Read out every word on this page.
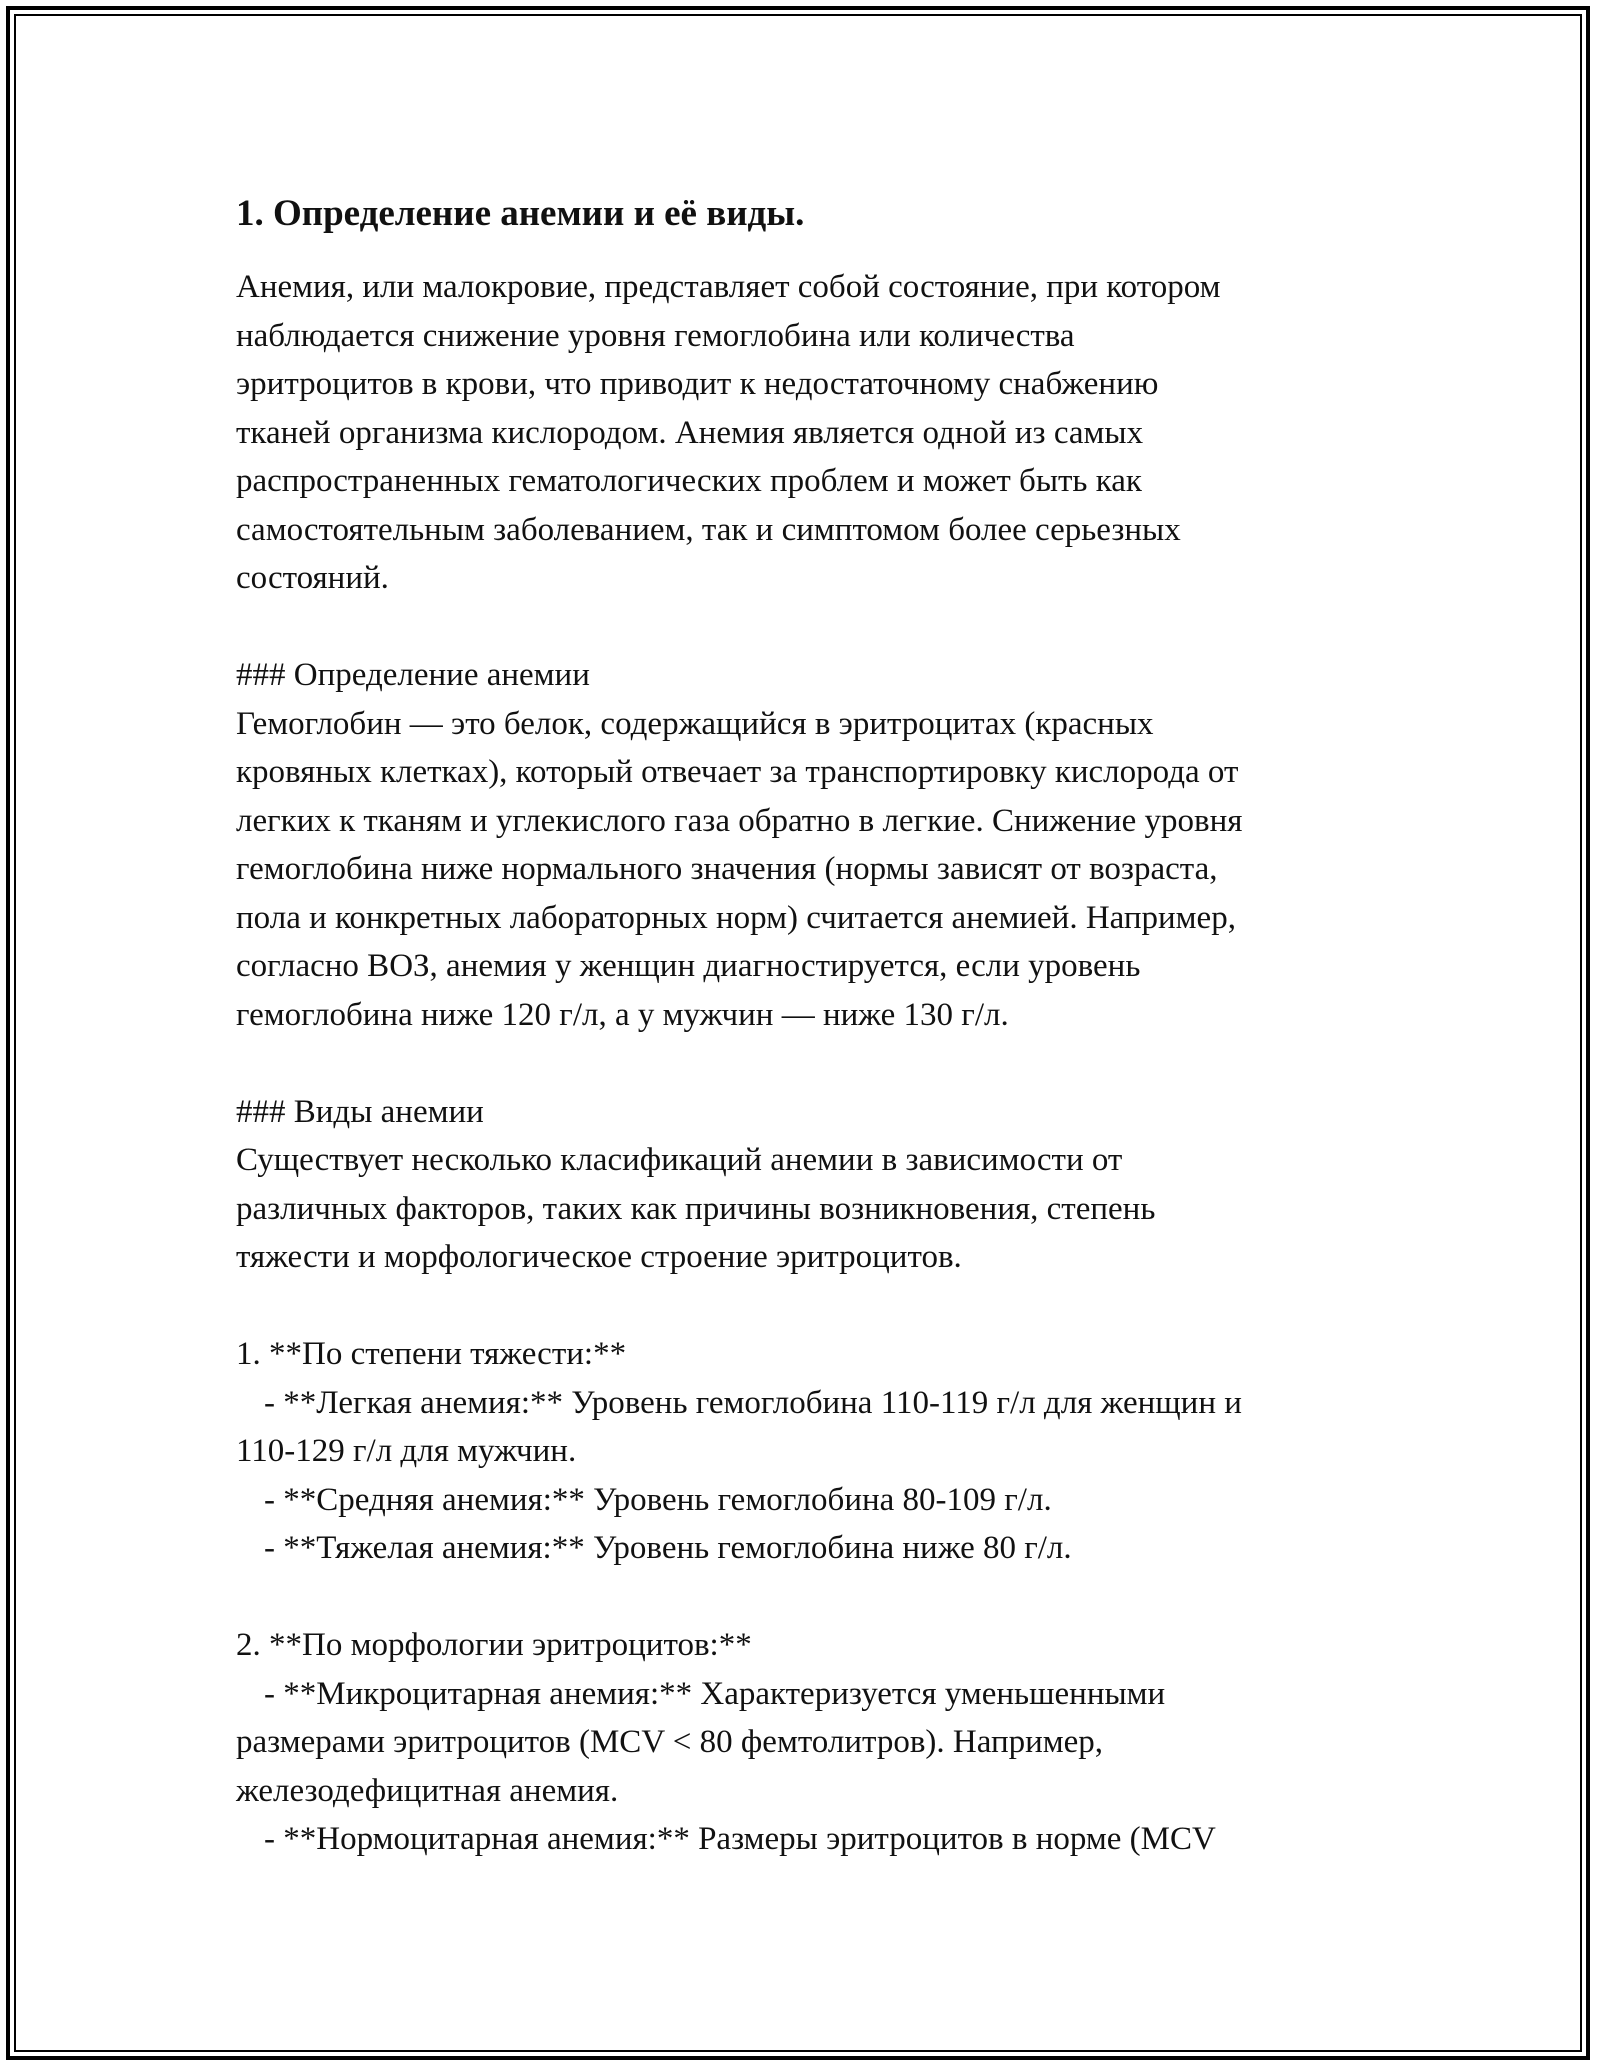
1. Определение анемии и её виды.

Анемия, или малокровие, представляет собой состояние, при котором
наблюдается снижение уровня гемоглобина или количества
эритроцитов в крови, что приводит к недостаточному снабжению
тканей организма кислородом. Анемия является одной из самых
распространенных гематологических проблем и может быть как
самостоятельным заболеванием, так и симптомом более серьезных
состояний.

### Определение анемии
Гемоглобин — это белок, содержащийся в эритроцитах (красных
кровяных клетках), который отвечает за транспортировку кислорода от
легких к тканям и углекислого газа обратно в легкие. Снижение уровня
гемоглобина ниже нормального значения (нормы зависят от возраста,
пола и конкретных лабораторных норм) считается анемией. Например,
согласно ВОЗ, анемия у женщин диагностируется, если уровень
гемоглобина ниже 120 г/л, а у мужчин — ниже 130 г/л.

### Виды анемии
Существует несколько класификаций анемии в зависимости от
различных факторов, таких как причины возникновения, степень
тяжести и морфологическое строение эритроцитов.

1. **По степени тяжести:**
- **Легкая анемия:** Уровень гемоглобина 110-119 г/л для женщин и
110-129 г/л для мужчин.
- **Средняя анемия:** Уровень гемоглобина 80-109 г/л.
- **Тяжелая анемия:** Уровень гемоглобина ниже 80 г/л.

2. **По морфологии эритроцитов:**
- **Микроцитарная анемия:** Характеризуется уменьшенными
размерами эритроцитов (MCV < 80 фемтолитров). Например,
железодефицитная анемия.
- **Нормоцитарная анемия:** Размеры эритроцитов в норме (MCV
